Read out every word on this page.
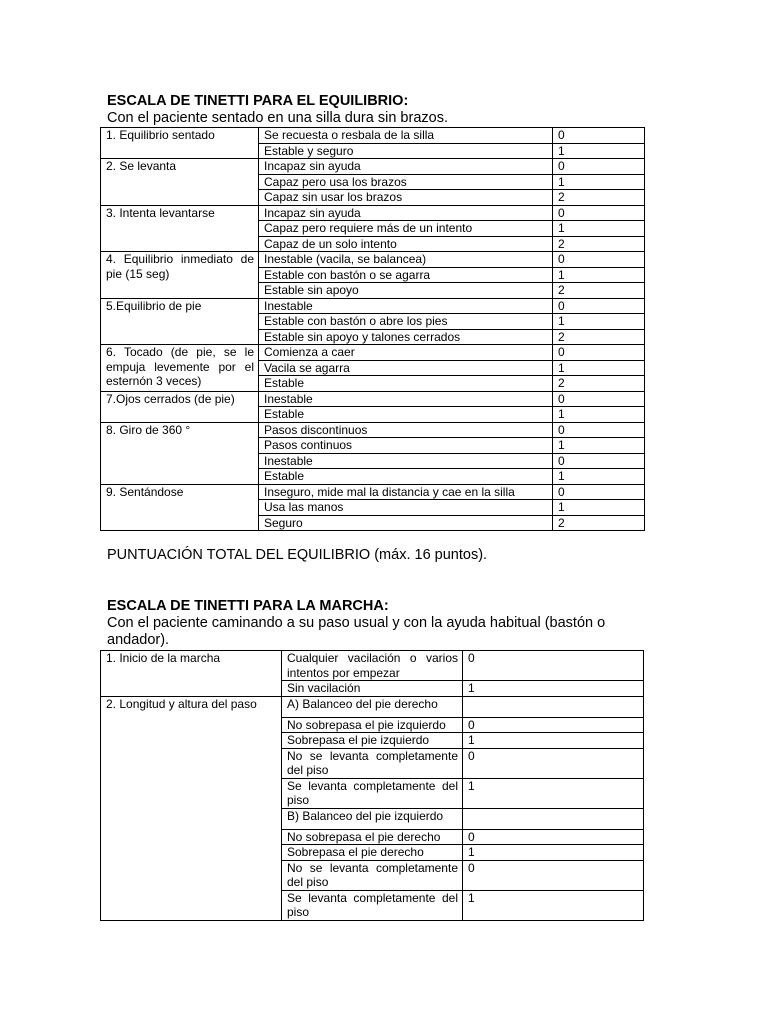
ESCALA DE TINETTI PARA EL EQUILIBRIO:

Con el paciente sentado en una silla dura sin brazos.

1. Equilibrio sentado	Se recuesta o resbala de la silla	0
	Estable y seguro	1
2. Se levanta	Incapaz sin ayuda	0
	Capaz pero usa los brazos	1
	Capaz sin usar los brazos	2
3. Intenta levantarse	Incapaz sin ayuda	0
	Capaz pero requiere más de un intento	1
	Capaz de un solo intento	2
4. Equilibrio inmediato de pie (15 seg)	Inestable (vacila, se balancea)	0
	Estable con bastón o se agarra	1
	Estable sin apoyo	2
5.Equilibrio de pie	Inestable	0
	Estable con bastón o abre los pies	1
	Estable sin apoyo y talones cerrados	2
6. Tocado (de pie, se le empuja levemente por el esternón 3 veces)	Comienza a caer	0
	Vacila se agarra	1
	Estable	2
7.Ojos cerrados (de pie)	Inestable	0
	Estable	1
8. Giro de 360 °	Pasos discontinuos	0
	Pasos continuos	1
	Inestable	0
	Estable	1
9. Sentándose	Inseguro, mide mal la distancia y cae en la silla	0
	Usa las manos	1
	Seguro	2

PUNTUACIÓN TOTAL DEL EQUILIBRIO (máx. 16 puntos).

ESCALA DE TINETTI PARA LA MARCHA:

Con el paciente caminando a su paso usual y con la ayuda habitual (bastón o
andador).

1. Inicio de la marcha	Cualquier vacilación o varios intentos por empezar	0
	Sin vacilación	1
2. Longitud y altura del paso	A) Balanceo del pie derecho	
	No sobrepasa el pie izquierdo	0
	Sobrepasa el pie izquierdo	1
	No se levanta completamente del piso	0
	Se levanta completamente del piso	1
	B) Balanceo del pie izquierdo	
	No sobrepasa el pie derecho	0
	Sobrepasa el pie derecho	1
	No se levanta completamente del piso	0
	Se levanta completamente del piso	1
